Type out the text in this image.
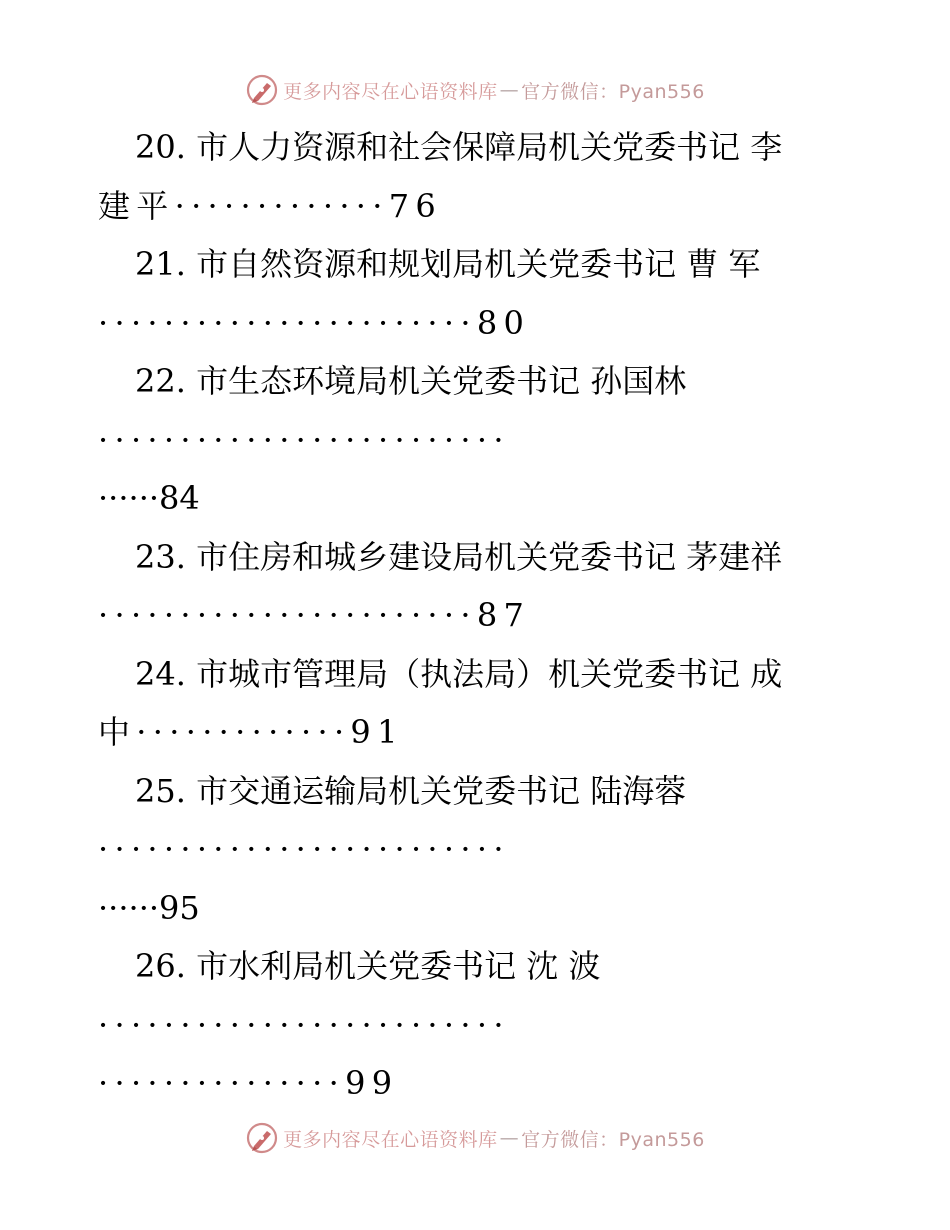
更多内容尽在心语资料库 — 官方微信：Pyan556
20. 市人力资源和社会保障局机关党委书记 李
建平·············76
21. 市自然资源和规划局机关党委书记 曹 军
·······················80
22. 市生态环境局机关党委书记 孙国林
·························
······84
23. 市住房和城乡建设局机关党委书记 茅建祥
·······················87
24. 市城市管理局（执法局）机关党委书记 成
中·············91
25. 市交通运输局机关党委书记 陆海蓉
·························
······95
26. 市水利局机关党委书记 沈 波
·························
···············99
更多内容尽在心语资料库 — 官方微信：Pyan556
